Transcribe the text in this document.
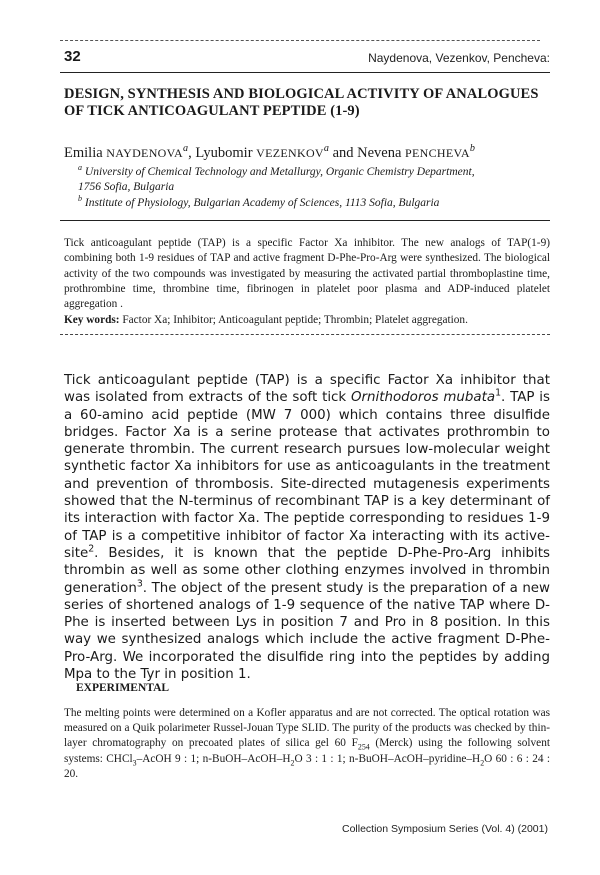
32	Naydenova, Vezenkov, Pencheva:
DESIGN, SYNTHESIS AND BIOLOGICAL ACTIVITY OF ANALOGUES OF TICK ANTICOAGULANT PEPTIDE (1-9)
Emilia NAYDENOVA$^a$, Lyubomir VEZENKOV$^a$ and Nevena PENCHEVA$^b$
$^a$ University of Chemical Technology and Metallurgy, Organic Chemistry Department,
1756 Sofia, Bulgaria
$^b$ Institute of Physiology, Bulgarian Academy of Sciences, 1113 Sofia, Bulgaria
Tick anticoagulant peptide (TAP) is a specific Factor Xa inhibitor. The new analogs of TAP(1-9) combining both 1-9 residues of TAP and active fragment D-Phe-Pro-Arg were synthesized. The biological activity of the two compounds was investigated by measuring the activated partial thromboplastine time, prothrombine time, thrombine time, fibrinogen in platelet poor plasma and ADP-induced platelet aggregation .
Key words: Factor Xa; Inhibitor; Anticoagulant peptide; Thrombin; Platelet aggregation.
Tick anticoagulant peptide (TAP) is a specific Factor Xa inhibitor that was isolated from extracts of the soft tick Ornithodoros mubata$^1$. TAP is a 60-amino acid peptide (MW 7 000) which contains three disulfide bridges. Factor Xa is a serine protease that activates prothrombin to generate thrombin. The current research pursues low-molecular weight synthetic factor Xa inhibitors for use as anticoagulants in the treatment and prevention of thrombosis. Site-directed mutagenesis experiments showed that the N-terminus of recombinant TAP is a key determinant of its interaction with factor Xa. The peptide corresponding to residues 1-9 of TAP is a competitive inhibitor of factor Xa interacting with its active-site$^2$. Besides, it is known that the peptide D-Phe-Pro-Arg inhibits thrombin as well as some other clothing enzymes involved in thrombin generation$^3$. The object of the present study is the preparation of a new series of shortened analogs of 1-9 sequence of the native TAP where D-Phe is inserted between Lys in position 7 and Pro in 8 position. In this way we synthesized analogs which include the active fragment D-Phe-Pro-Arg. We incorporated the disulfide ring into the peptides by adding Mpa to the Tyr in position 1.
EXPERIMENTAL
The melting points were determined on a Kofler apparatus and are not corrected. The optical rotation was measured on a Quik polarimeter Russel-Jouan Type SLID. The purity of the products was checked by thin-layer chromatography on precoated plates of silica gel 60 $F_{254}$ (Merck) using the following solvent systems: CHCl$_3$–AcOH 9 : 1; $n-BuOH-AcOH-H_2O$ 3 : 1 : 1; $n-BuOH-AcOH-pyridine-H_2O$ 60 : 6 : 24 : 20.
Collection Symposium Series (Vol. 4) (2001)
